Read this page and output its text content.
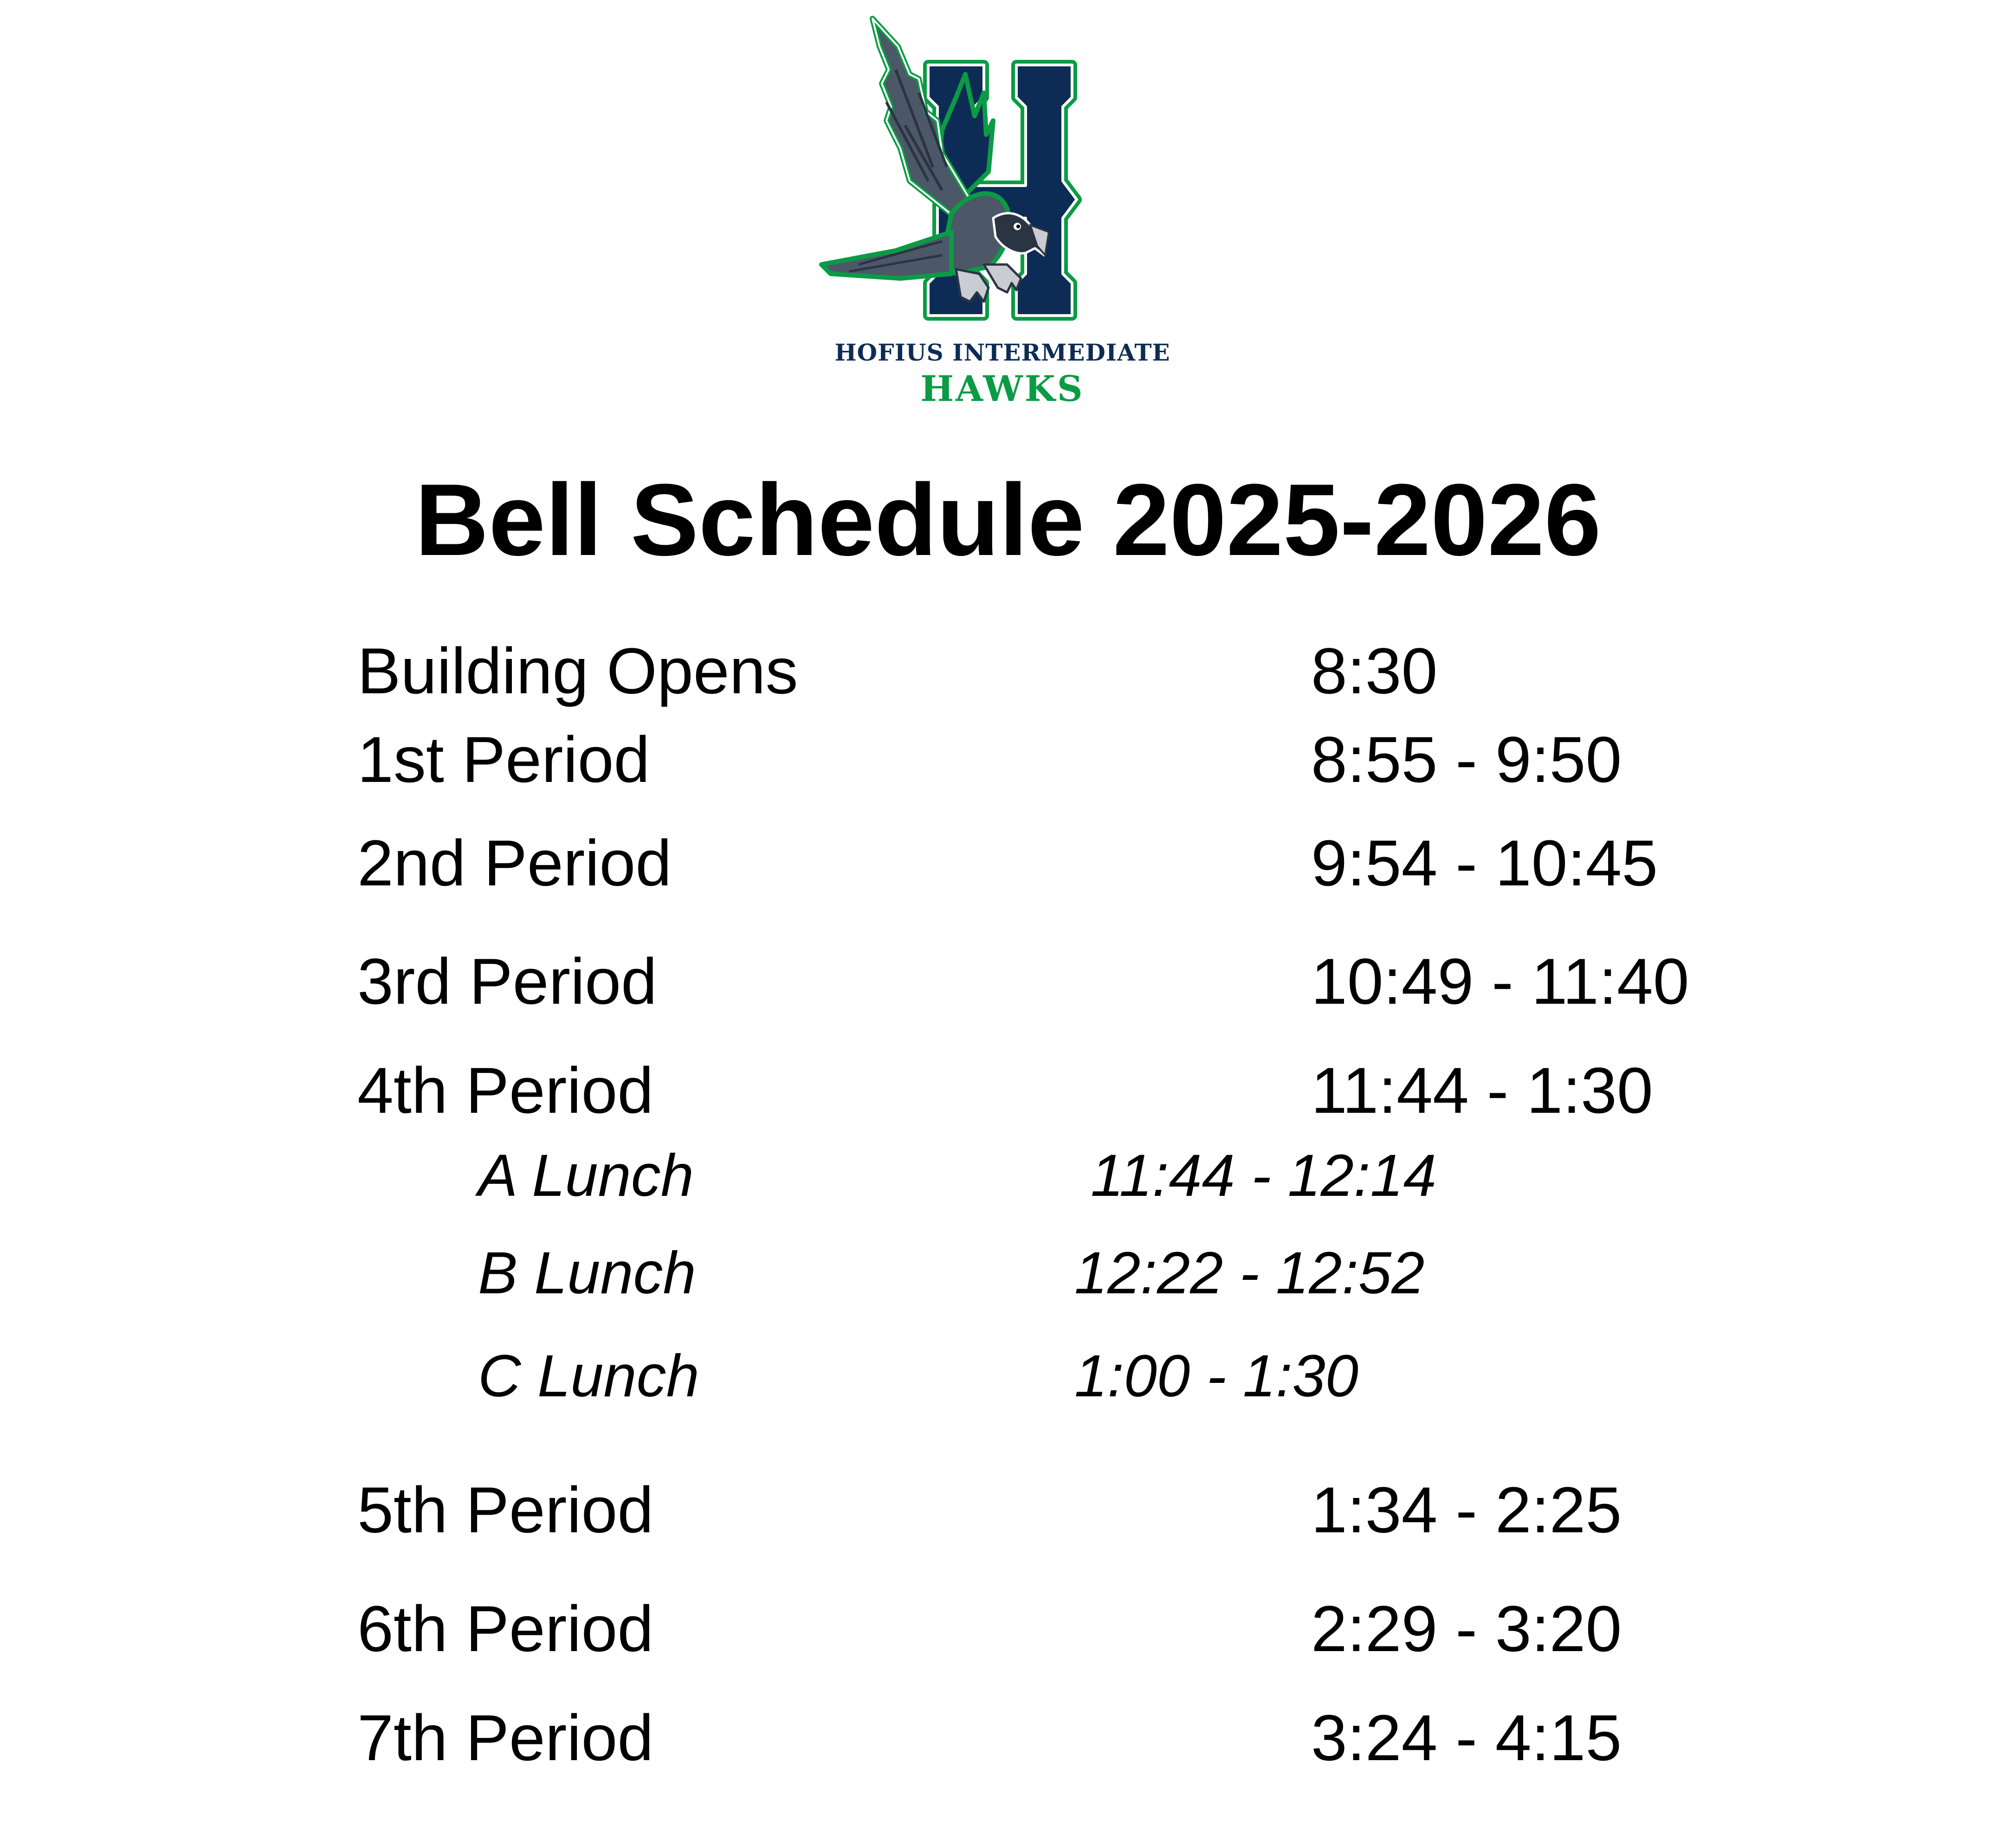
HOFIUS INTERMEDIATE
HAWKS
Bell Schedule 2025-2026
Building Opens	8:30
1st Period	8:55 - 9:50
2nd Period	9:54 - 10:45
3rd Period	10:49 - 11:40
4th Period	11:44 - 1:30
A Lunch	11:44 - 12:14
B Lunch	12:22 - 12:52
C Lunch	1:00 - 1:30
5th Period	1:34 - 2:25
6th Period	2:29 - 3:20
7th Period	3:24 - 4:15
